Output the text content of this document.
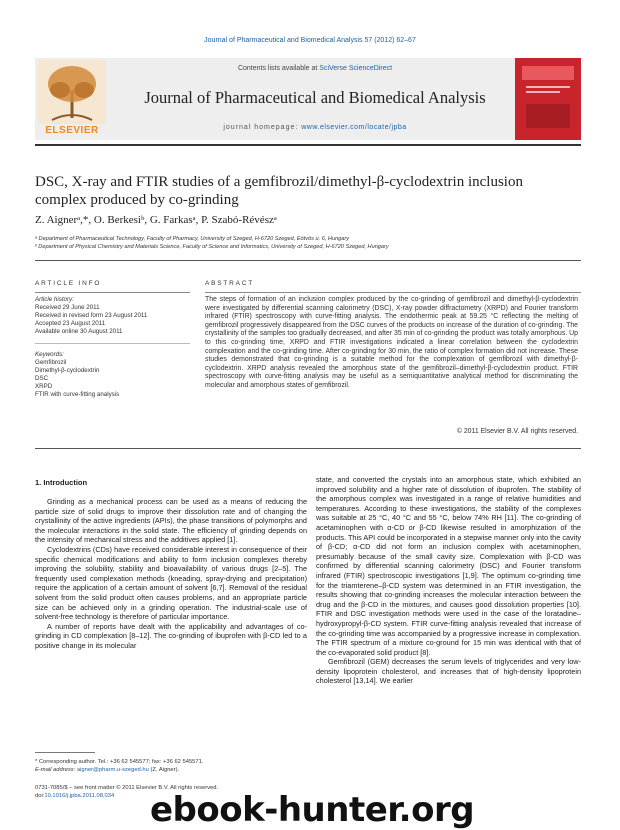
Journal of Pharmaceutical and Biomedical Analysis 57 (2012) 62–67
ELSEVIER
Contents lists available at SciVerse ScienceDirect
Journal of Pharmaceutical and Biomedical Analysis
journal homepage: www.elsevier.com/locate/jpba
DSC, X-ray and FTIR studies of a gemfibrozil/dimethyl-β-cyclodextrin inclusion
complex produced by co-grinding
Z. Aignerᵃ,*, O. Berkesiᵇ, G. Farkasᵃ, P. Szabó-Révészᵃ
ᵃ Department of Pharmaceutical Technology, Faculty of Pharmacy, University of Szeged, H-6720 Szeged, Eötvös u. 6, Hungary
ᵇ Department of Physical Chemistry and Materials Science, Faculty of Science and Informatics, University of Szeged, H-6720 Szeged, Hungary
ARTICLE INFO
Article history:
Received 29 June 2011
Received in revised form 23 August 2011
Accepted 23 August 2011
Available online 30 August 2011
Keywords:
Gemfibrozil
Dimethyl-β-cyclodextrin
DSC
XRPD
FTIR with curve-fitting analysis
ABSTRACT
The steps of formation of an inclusion complex produced by the co-grinding of gemfibrozil and dimethyl-β-cyclodextrin were investigated by differential scanning calorimetry (DSC), X-ray powder diffractometry (XRPD) and Fourier transform infrared (FTIR) spectroscopy with curve-fitting analysis. The endothermic peak at 59.25 °C reflecting the melting of gemfibrozil progressively disappeared from the DSC curves of the products on increase of the duration of co-grinding. The crystallinity of the samples too gradually decreased, and after 35 min of co-grinding the product was totally amorphous. Up to this co-grinding time, XRPD and FTIR investigations indicated a linear correlation between the cyclodextrin complexation and the co-grinding time. After co-grinding for 30 min, the ratio of complex formation did not increase. These studies demonstrated that co-grinding is a suitable method for the complexation of gemfibrozil with dimethyl-β-cyclodextrin. XRPD analysis revealed the amorphous state of the gemfibrozil–dimethyl-β-cyclodextrin product. FTIR spectroscopy with curve-fitting analysis may be useful as a semiquantitative analytical method for discriminating the molecular and amorphous states of gemfibrozil.
© 2011 Elsevier B.V. All rights reserved.
1. Introduction

Grinding as a mechanical process can be used as a means of reducing the particle size of solid drugs to improve their dissolution rate and of changing the crystallinity of the active ingredients (APIs), the phase transitions of polymorphs and the molecular interactions in the solid state. The efficiency of grinding depends on the intensity of mechanical stress and the additives applied [1].

Cyclodextrins (CDs) have received considerable interest in consequence of their specific chemical modifications and ability to form inclusion complexes thereby improving the solubility, stability and bioavailability of various drugs [2–5]. The frequently used complexation methods (kneading, spray-drying and precipitation) require the application of a certain amount of solvent [6,7]. Removal of the residual solvent from the solid product often causes problems, and an appropriate particle size can be achieved only in a grinding operation. The industrial-scale use of solvent-free technology is therefore of particular importance.

A number of reports have dealt with the applicability and advantages of co-grinding in CD complexation [8–12]. The co-grinding of ibuprofen with β-CD led to a positive change in its molecular

state, and converted the crystals into an amorphous state, which exhibited an improved solubility and a higher rate of dissolution of ibuprofen. The stability of the amorphous complex was investigated in a range of relative humidities and temperatures. According to these investigations, the stability of the complexes was suitable at 25 °C, 40 °C and 55 °C, below 74% RH [11]. The co-grinding of acetaminophen with α-CD or β-CD likewise resulted in amorphization of the products. This API could be incorporated in a stepwise manner only into the cavity of β-CD; α-CD did not form an inclusion complex with acetaminophen, presumably because of the small cavity size. Complexation with β-CD was confirmed by differential scanning calorimetry (DSC) and Fourier transform infrared (FTIR) spectroscopic investigations [1,9]. The optimum co-grinding time for the triamterene–β-CD system was determined in an FTIR investigation, the results showing that co-grinding increases the molecular interaction between the drug and the β-CD in the mixtures, and causes good dissolution properties [10]. FTIR and DSC investigation methods were used in the case of the loratadine–hydroxypropyl-β-CD system. FTIR curve-fitting analysis revealed that increase of the co-grinding time was accompanied by a progressive increase in complexation. The FTIR spectrum of a mixture co-ground for 15 min was identical with that of the co-evaporated solid product [8].

Gemfibrozil (GEM) decreases the serum levels of triglycerides and very low-density lipoprotein cholesterol, and increases that of high-density lipoprotein cholesterol [13,14]. We earlier

* Corresponding author. Tel.: +36 62 545577; fax: +36 62 545571.
E-mail address: aigner@pharm.u-szeged.hu (Z. Aigner).
0731-7085/$ – see front matter © 2011 Elsevier B.V. All rights reserved.
doi:10.1016/j.jpba.2011.08.034	ebook-hunter.org
